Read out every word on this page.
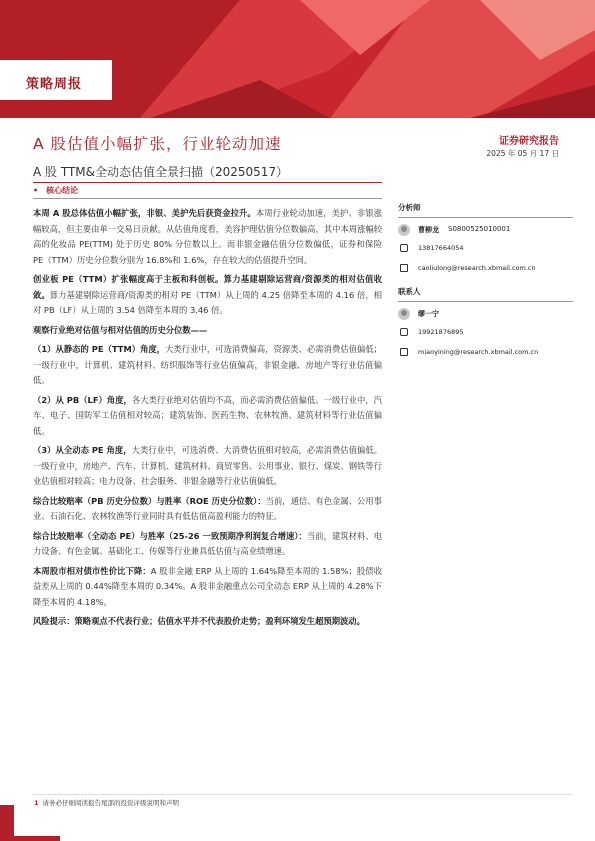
策略周报
A 股估值小幅扩张，行业轮动加速
A 股 TTM&全动态估值全景扫描（20250517）
证券研究报告
2025 年 05 月 17 日
• 核心结论

本周 A 股总体估值小幅扩张，非银、美护先后获资金拉升。本周行业轮动加速，美护、非银涨幅较高，但主要由单一交易日贡献。从估值角度看，美容护理估值分位数偏高，其中本周涨幅较高的化妆品 PE(TTM) 处于历史 80% 分位数以上。而非银金融估值分位数偏低，证券和保险 PE（TTM）历史分位数分别为 16.8%和 1.6%，存在较大的估值提升空间。

创业板 PE（TTM）扩张幅度高于主板和科创板。算力基建剔除运营商/资源类的相对估值收敛。算力基建剔除运营商/资源类的相对 PE（TTM）从上周的 4.25 倍降至本周的 4.16 倍，相对 PB（LF）从上周的 3.54 倍降至本周的 3.46 倍。

观察行业绝对估值与相对估值的历史分位数——

（1）从静态的 PE（TTM）角度，大类行业中，可选消费偏高，资源类、必需消费估值偏低；一级行业中，计算机、建筑材料、纺织服饰等行业估值偏高，非银金融、房地产等行业估值偏低。

（2）从 PB（LF）角度，各大类行业绝对估值均不高，而必需消费估值偏低。一级行业中，汽车、电子、国防军工估值相对较高；建筑装饰、医药生物、农林牧渔、建筑材料等行业估值偏低。

（3）从全动态 PE 角度，大类行业中，可选消费、大消费估值相对较高，必需消费估值偏低。一级行业中，房地产、汽车、计算机、建筑材料、商贸零售、公用事业、银行、煤炭、钢铁等行业估值相对较高；电力设备、社会服务、非银金融等行业估值偏低。

综合比较赔率（PB 历史分位数）与胜率（ROE 历史分位数）：当前，通信、有色金属、公用事业、石油石化、农林牧渔等行业同时具有低估值高盈利能力的特征。

综合比较赔率（全动态 PE）与胜率（25-26 一致预期净利润复合增速）：当前，建筑材料、电力设备、有色金属、基础化工、传媒等行业兼具低估值与高业绩增速。

本周股市相对债市性价比下降：A 股非金融 ERP 从上周的 1.64%降至本周的 1.58%；股债收益差从上周的 0.44%降至本周的 0.34%。A 股非金融重点公司全动态 ERP 从上周的 4.28%下降至本周的 4.18%。

风险提示：策略观点不代表行业；估值水平并不代表股价走势；盈利环境发生超预期波动。

分析师
曹柳龙 S0800525010001
13817664054
caoliulong@research.xbmail.com.cn
联系人
缪一宁
19921876895
miaoyining@research.xbmail.com.cn
1 请务必仔细阅读报告尾部的投资评级说明和声明
